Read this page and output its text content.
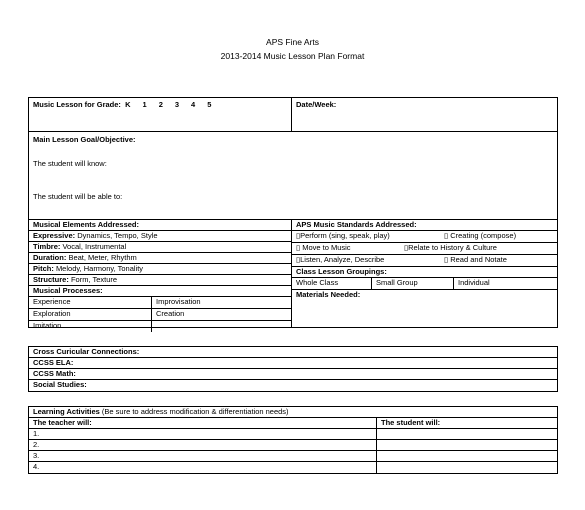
APS Fine Arts
2013-2014 Music Lesson Plan Format
Music Lesson for Grade: K 1 2 3 4 5	Date/Week:
Main Lesson Goal/Objective:
The student will know:
The student will be able to:
Musical Elements Addressed:
Expressive: Dynamics, Tempo, Style
Timbre: Vocal, Instrumental
Duration: Beat, Meter, Rhythm
Pitch: Melody, Harmony, Tonality
Structure: Form, Texture
Musical Processes:
Experience	Improvisation
Exploration	Creation
Imitation
APS Music Standards Addressed:
▯Perform (sing, speak, play)	▯ Creating (compose)
▯ Move to Music	▯Relate to History & Culture
▯Listen, Analyze, Describe	▯ Read and Notate
Class Lesson Groupings:
Whole Class	Small Group	Individual
Materials Needed:
Cross Curicular Connections:
CCSS ELA:
CCSS Math:
Social Studies:
Learning Activities (Be sure to address modification & differentiation needs)
The teacher will:	The student will:
1.
2.
3.
4.
